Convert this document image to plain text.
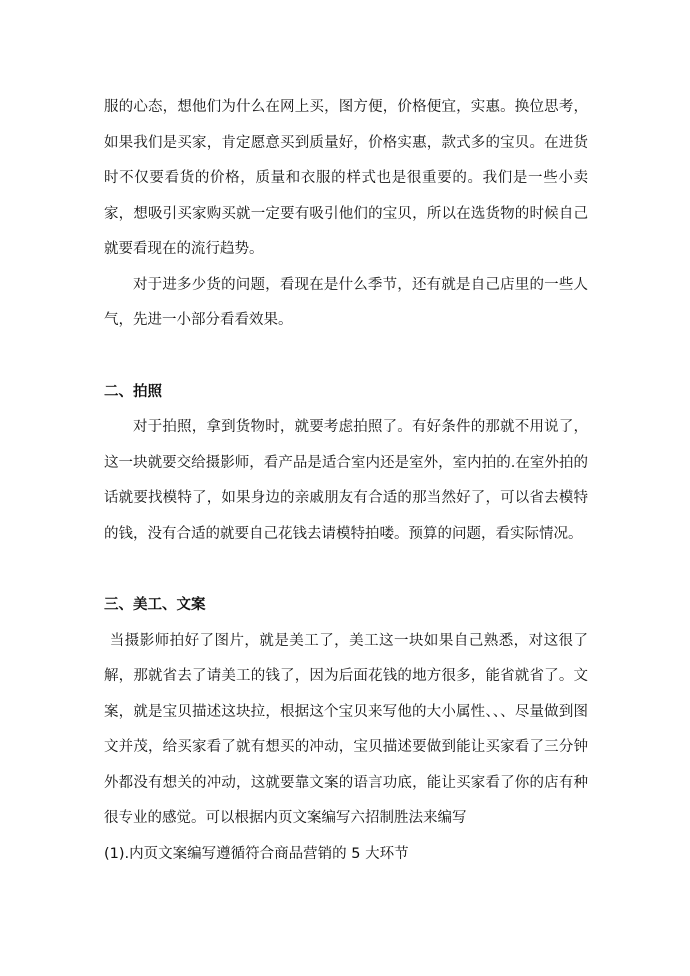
服的心态，想他们为什么在网上买，图方便，价格便宜，实惠。换位思考，如果我们是买家，肯定愿意买到质量好，价格实惠，款式多的宝贝。在进货时不仅要看货的价格，质量和衣服的样式也是很重要的。我们是一些小卖家，想吸引买家购买就一定要有吸引他们的宝贝，所以在选货物的时候自己就要看现在的流行趋势。

对于进多少货的问题，看现在是什么季节，还有就是自己店里的一些人气，先进一小部分看看效果。

二、拍照

对于拍照，拿到货物时，就要考虑拍照了。有好条件的那就不用说了，这一块就要交给摄影师，看产品是适合室内还是室外，室内拍的.在室外拍的话就要找模特了，如果身边的亲戚朋友有合适的那当然好了，可以省去模特的钱，没有合适的就要自己花钱去请模特拍喽。预算的问题，看实际情况。

三、美工、文案

当摄影师拍好了图片，就是美工了，美工这一块如果自己熟悉，对这很了解，那就省去了请美工的钱了，因为后面花钱的地方很多，能省就省了。文案，就是宝贝描述这块拉，根据这个宝贝来写他的大小属性、、、尽量做到图文并茂，给买家看了就有想买的冲动，宝贝描述要做到能让买家看了三分钟外都没有想关的冲动，这就要靠文案的语言功底，能让买家看了你的店有种很专业的感觉。可以根据内页文案编写六招制胜法来编写

(1).内页文案编写遵循符合商品营销的 5 大环节
